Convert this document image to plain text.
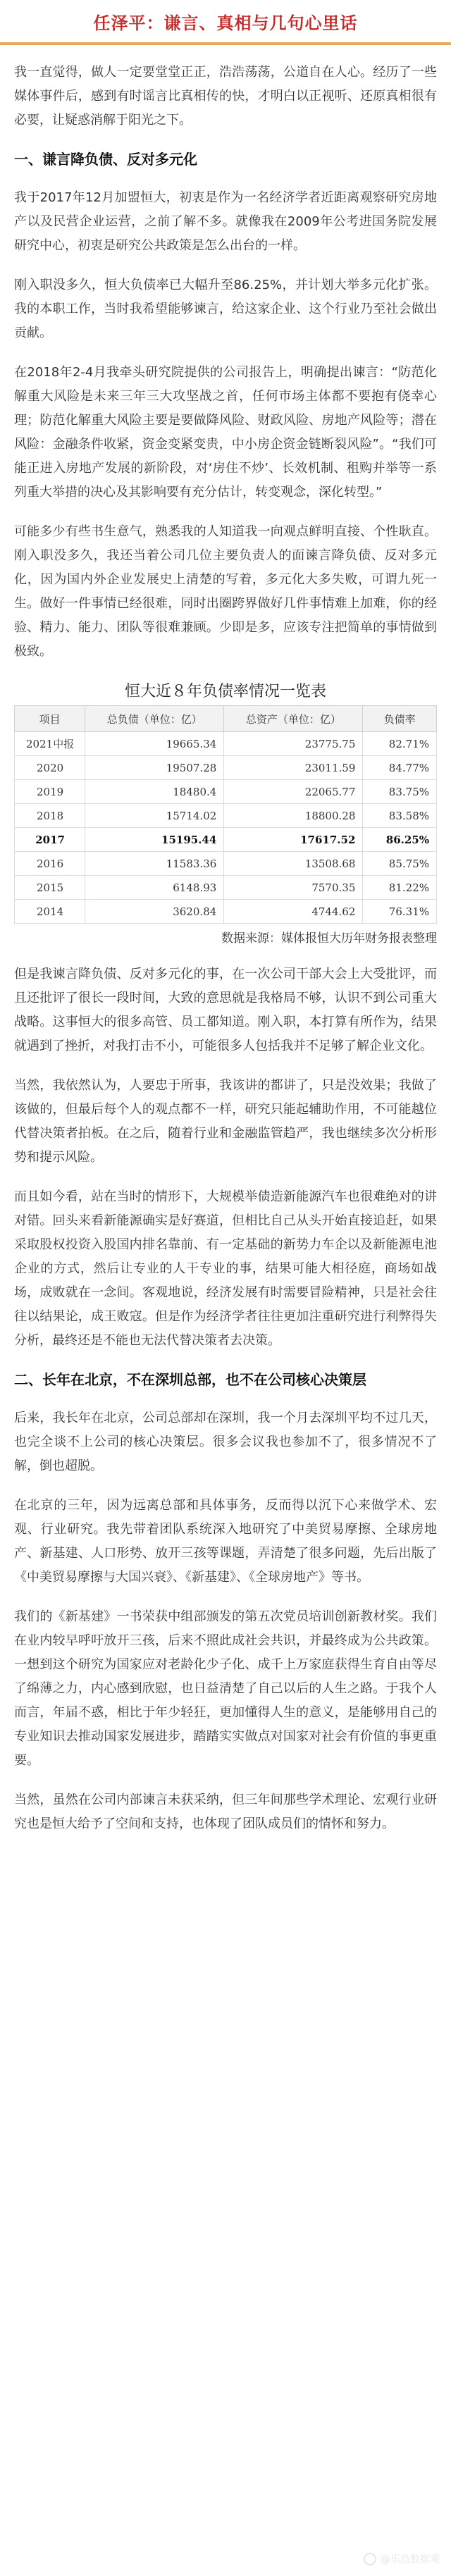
任泽平：谦言、真相与几句心里话

我一直觉得，做人一定要堂堂正正，浩浩荡荡，公道自在人心。经历了一些媒体事件后，感到有时谣言比真相传的快，才明白以正视听、还原真相很有必要，让疑惑消解于阳光之下。

一、谦言降负债、反对多元化

我于2017年12月加盟恒大，初衷是作为一名经济学者近距离观察研究房地产以及民营企业运营，之前了解不多。就像我在2009年公考进国务院发展研究中心，初衷是研究公共政策是怎么出台的一样。

刚入职没多久，恒大负债率已大幅升至86.25%，并计划大举多元化扩张。我的本职工作，当时我希望能够谏言，给这家企业、这个行业乃至社会做出贡献。

在2018年2-4月我牵头研究院提供的公司报告上，明确提出谏言：“防范化解重大风险是未来三年三大攻坚战之首，任何市场主体都不要抱有侥幸心理；防范化解重大风险主要是要做降风险、财政风险、房地产风险等；潜在风险：金融条件收紧，资金变紧变贵，中小房企资金链断裂风险”。“我们可能正进入房地产发展的新阶段，对‘房住不炒’、长效机制、租购并举等一系列重大举措的决心及其影响要有充分估计，转变观念，深化转型。”

可能多少有些书生意气，熟悉我的人知道我一向观点鲜明直接、个性耿直。刚入职没多久，我还当着公司几位主要负责人的面谏言降负债、反对多元化，因为国内外企业发展史上清楚的写着，多元化大多失败，可谓九死一生。做好一件事情已经很难，同时出圈跨界做好几件事情难上加难，你的经验、精力、能力、团队等很难兼顾。少即是多，应该专注把简单的事情做到极致。

恒大近８年负债率情况一览表
项目	总负债（单位：亿）	总资产（单位：亿）	负债率
2021中报	19665.34	23775.75	82.71%
2020	19507.28	23011.59	84.77%
2019	18480.4	22065.77	83.75%
2018	15714.02	18800.28	83.58%
2017	15195.44	17617.52	86.25%
2016	11583.36	13508.68	85.75%
2015	6148.93	7570.35	81.22%
2014	3620.84	4744.62	76.31%
数据来源：媒体报恒大历年财务报表整理

但是我谏言降负债、反对多元化的事，在一次公司干部大会上大受批评，而且还批评了很长一段时间，大致的意思就是我格局不够，认识不到公司重大战略。这事恒大的很多高管、员工都知道。刚入职，本打算有所作为，结果就遇到了挫折，对我打击不小，可能很多人包括我并不足够了解企业文化。

当然，我依然认为，人要忠于所事，我该讲的都讲了，只是没效果；我做了该做的，但最后每个人的观点都不一样，研究只能起辅助作用，不可能越位代替决策者拍板。在之后，随着行业和金融监管趋严，我也继续多次分析形势和提示风险。

而且如今看，站在当时的情形下，大规模举债造新能源汽车也很难绝对的讲对错。回头来看新能源确实是好赛道，但相比自己从头开始直接追赶，如果采取股权投资入股国内排名靠前、有一定基础的新势力车企以及新能源电池企业的方式，然后让专业的人干专业的事，结果可能大相径庭，商场如战场，成败就在一念间。客观地说，经济发展有时需要冒险精神，只是社会往往以结果论，成王败寇。但是作为经济学者往往更加注重研究进行利弊得失分析，最终还是不能也无法代替决策者去决策。

二、长年在北京，不在深圳总部，也不在公司核心决策层

后来，我长年在北京，公司总部却在深圳，我一个月去深圳平均不过几天，也完全谈不上公司的核心决策层。很多会议我也参加不了，很多情况不了解，倒也超脱。

在北京的三年，因为远离总部和具体事务，反而得以沉下心来做学术、宏观、行业研究。我先带着团队系统深入地研究了中美贸易摩擦、全球房地产、新基建、人口形势、放开三孩等课题，弄清楚了很多问题，先后出版了《中美贸易摩擦与大国兴衰》、《新基建》、《全球房地产》等书。

我们的《新基建》一书荣获中组部颁发的第五次党员培训创新教材奖。我们在业内较早呼吁放开三孩，后来不照此成社会共识，并最终成为公共政策。一想到这个研究为国家应对老龄化少子化、成千上万家庭获得生育自由等尽了绵薄之力，内心感到欣慰，也日益清楚了自己以后的人生之路。于我个人而言，年届不惑，相比于年少轻狂，更加懂得人生的意义，是能够用自己的专业知识去推动国家发展进步，踏踏实实做点对国家对社会有价值的事更重要。

当然，虽然在公司内部谏言未获采纳，但三年间那些学术理论、宏观行业研究也是恒大给予了空间和支持，也体现了团队成员们的情怀和努力。

@乐岛数据观
